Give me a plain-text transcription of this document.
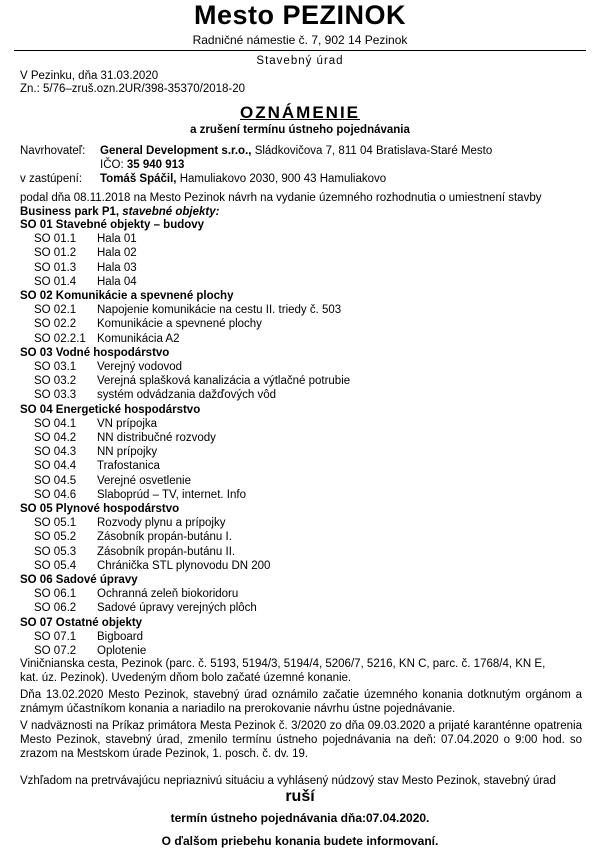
Mesto PEZINOK
Radničné námestie č. 7, 902 14 Pezinok
Stavebný úrad
V Pezinku, dňa 31.03.2020
Zn.: 5/76–zruš.ozn.2UR/398-35370/2018-20
OZNÁMENIE
a zrušení termínu ústneho pojednávania
Navrhovateľ: General Development s.r.o., Sládkovičova 7, 811 04 Bratislava-Staré Mesto
IČO: 35 940 913
v zastúpení: Tomáš Spáčil, Hamuliakovo 2030, 900 43 Hamuliakovo
podal dňa 08.11.2018 na Mesto Pezinok návrh na vydanie územného rozhodnutia o umiestnení stavby
Business park P1, stavebné objekty:
SO 01 Stavebné objekty – budovy
SO 01.1 Hala 01
SO 01.2 Hala 02
SO 01.3 Hala 03
SO 01.4 Hala 04
SO 02 Komunikácie a spevnené plochy
SO 02.1 Napojenie komunikácie na cestu II. triedy č. 503
SO 02.2 Komunikácie a spevnené plochy
SO 02.2.1 Komunikácia A2
SO 03 Vodné hospodárstvo
SO 03.1 Verejný vodovod
SO 03.2 Verejná splašková kanalizácia a výtlačné potrubie
SO 03.3 systém odvádzania dažďových vôd
SO 04 Energetické hospodárstvo
SO 04.1 VN prípojka
SO 04.2 NN distribučné rozvody
SO 04.3 NN prípojky
SO 04.4 Trafostanica
SO 04.5 Verejné osvetlenie
SO 04.6 Slaboprúd – TV, internet. Info
SO 05 Plynové hospodárstvo
SO 05.1 Rozvody plynu a prípojky
SO 05.2 Zásobník propán-butánu I.
SO 05.3 Zásobník propán-butánu II.
SO 05.4 Chránička STL plynovodu DN 200
SO 06 Sadové úpravy
SO 06.1 Ochranná zeleň biokoridoru
SO 06.2 Sadové úpravy verejných plôch
SO 07 Ostatné objekty
SO 07.1 Bigboard
SO 07.2 Oplotenie
Viničnianska cesta, Pezinok (parc. č. 5193, 5194/3, 5194/4, 5206/7, 5216, KN C, parc. č. 1768/4, KN E,
kat. úz. Pezinok). Uvedeným dňom bolo začaté územné konanie.
Dňa 13.02.2020 Mesto Pezinok, stavebný úrad oznámilo začatie územného konania dotknutým orgánom a známym účastníkom konania a nariadilo na prerokovanie návrhu ústne pojednávanie.
V nadväznosti na Príkaz primátora Mesta Pezinok č. 3/2020 zo dňa 09.03.2020 a prijaté karanténne opatrenia Mesto Pezinok, stavebný úrad, zmenilo termínu ústneho pojednávania na deň: 07.04.2020 o 9:00 hod. so zrazom na Mestskom úrade Pezinok, 1. posch. č. dv. 19.
Vzhľadom na pretrvávajúcu nepriaznivú situáciu a vyhlásený núdzový stav Mesto Pezinok, stavebný úrad
ruší
termín ústneho pojednávania dňa:07.04.2020.
O ďalšom priebehu konania budete informovaní.
